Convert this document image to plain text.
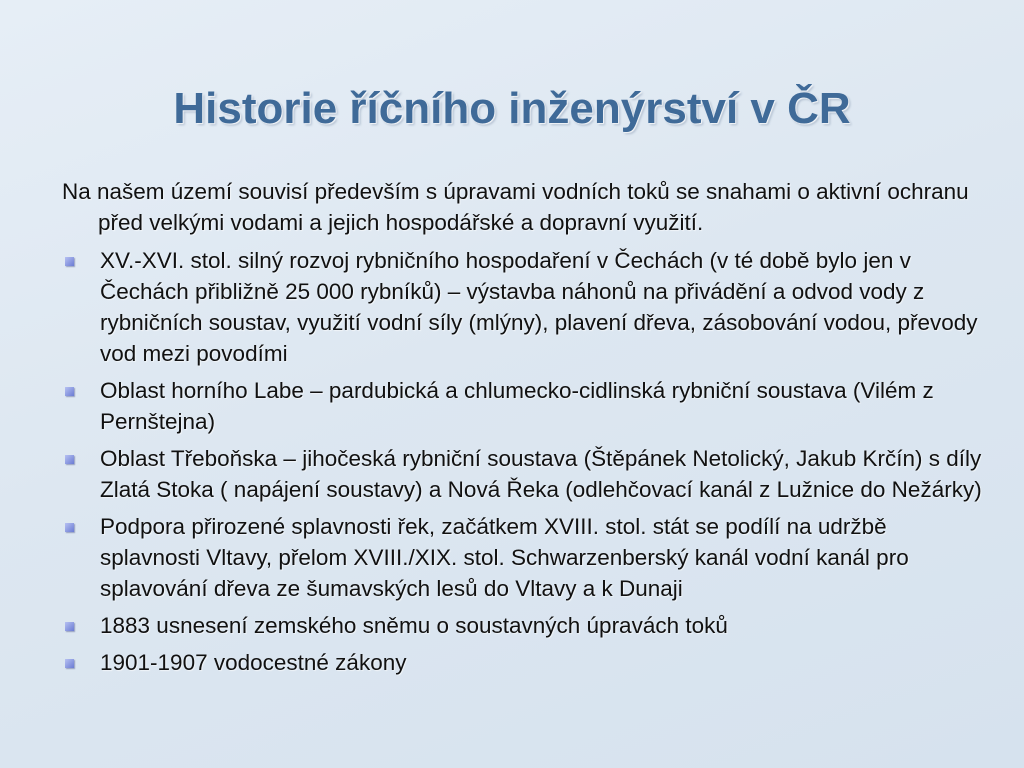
Historie říčního inženýrství v ČR

Na našem území souvisí především s úpravami vodních toků se snahami o aktivní ochranu před velkými vodami a jejich hospodářské a dopravní využití.

XV.-XVI. stol. silný rozvoj rybničního hospodaření v Čechách (v té době bylo jen v Čechách přibližně 25 000 rybníků) – výstavba náhonů na přivádění a odvod vody z rybničních soustav, využití vodní síly (mlýny), plavení dřeva, zásobování vodou, převody vod mezi povodími
Oblast horního Labe – pardubická a chlumecko-cidlinská rybniční soustava (Vilém z Pernštejna)
Oblast Třeboňska – jihočeská rybniční soustava (Štěpánek Netolický, Jakub Krčín) s díly Zlatá Stoka ( napájení soustavy) a Nová Řeka (odlehčovací kanál z Lužnice do Nežárky)
Podpora přirozené splavnosti řek, začátkem XVIII. stol. stát se podílí na udržbě splavnosti Vltavy, přelom XVIII./XIX. stol. Schwarzenberský kanál vodní kanál pro splavování dřeva ze šumavských lesů do Vltavy a k Dunaji
1883 usnesení zemského sněmu o soustavných úpravách toků
1901-1907 vodocestné zákony
